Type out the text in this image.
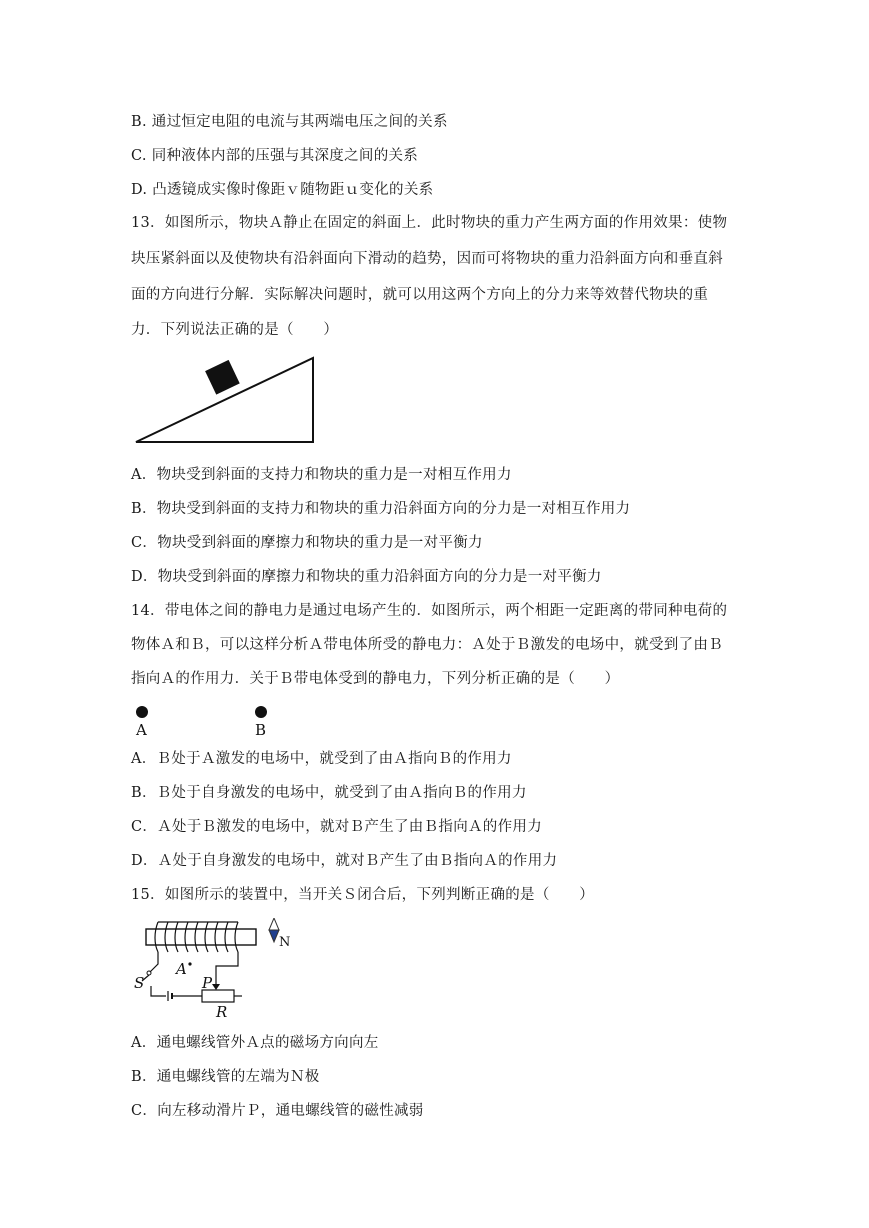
B. 通过恒定电阻的电流与其两端电压之间的关系
C. 同种液体内部的压强与其深度之间的关系
D. 凸透镜成实像时像距ｖ随物距ｕ变化的关系
13．如图所示，物块Ａ静止在固定的斜面上．此时物块的重力产生两方面的作用效果：使物
块压紧斜面以及使物块有沿斜面向下滑动的趋势，因而可将物块的重力沿斜面方向和垂直斜
面的方向进行分解．实际解决问题时，就可以用这两个方向上的分力来等效替代物块的重
力．下列说法正确的是（　　）
A．物块受到斜面的支持力和物块的重力是一对相互作用力
B．物块受到斜面的支持力和物块的重力沿斜面方向的分力是一对相互作用力
C．物块受到斜面的摩擦力和物块的重力是一对平衡力
D．物块受到斜面的摩擦力和物块的重力沿斜面方向的分力是一对平衡力
14．带电体之间的静电力是通过电场产生的．如图所示，两个相距一定距离的带同种电荷的
物体Ａ和Ｂ，可以这样分析Ａ带电体所受的静电力：Ａ处于Ｂ激发的电场中，就受到了由Ｂ
指向Ａ的作用力．关于Ｂ带电体受到的静电力，下列分析正确的是（　　）
A	B
A．Ｂ处于Ａ激发的电场中，就受到了由Ａ指向Ｂ的作用力
B．Ｂ处于自身激发的电场中，就受到了由Ａ指向Ｂ的作用力
C．Ａ处于Ｂ激发的电场中，就对Ｂ产生了由Ｂ指向Ａ的作用力
D．Ａ处于自身激发的电场中，就对Ｂ产生了由Ｂ指向Ａ的作用力
15．如图所示的装置中，当开关Ｓ闭合后，下列判断正确的是（　　）
S
A
P
R
N
A．通电螺线管外Ａ点的磁场方向向左
B．通电螺线管的左端为Ｎ极
C．向左移动滑片Ｐ，通电螺线管的磁性减弱
